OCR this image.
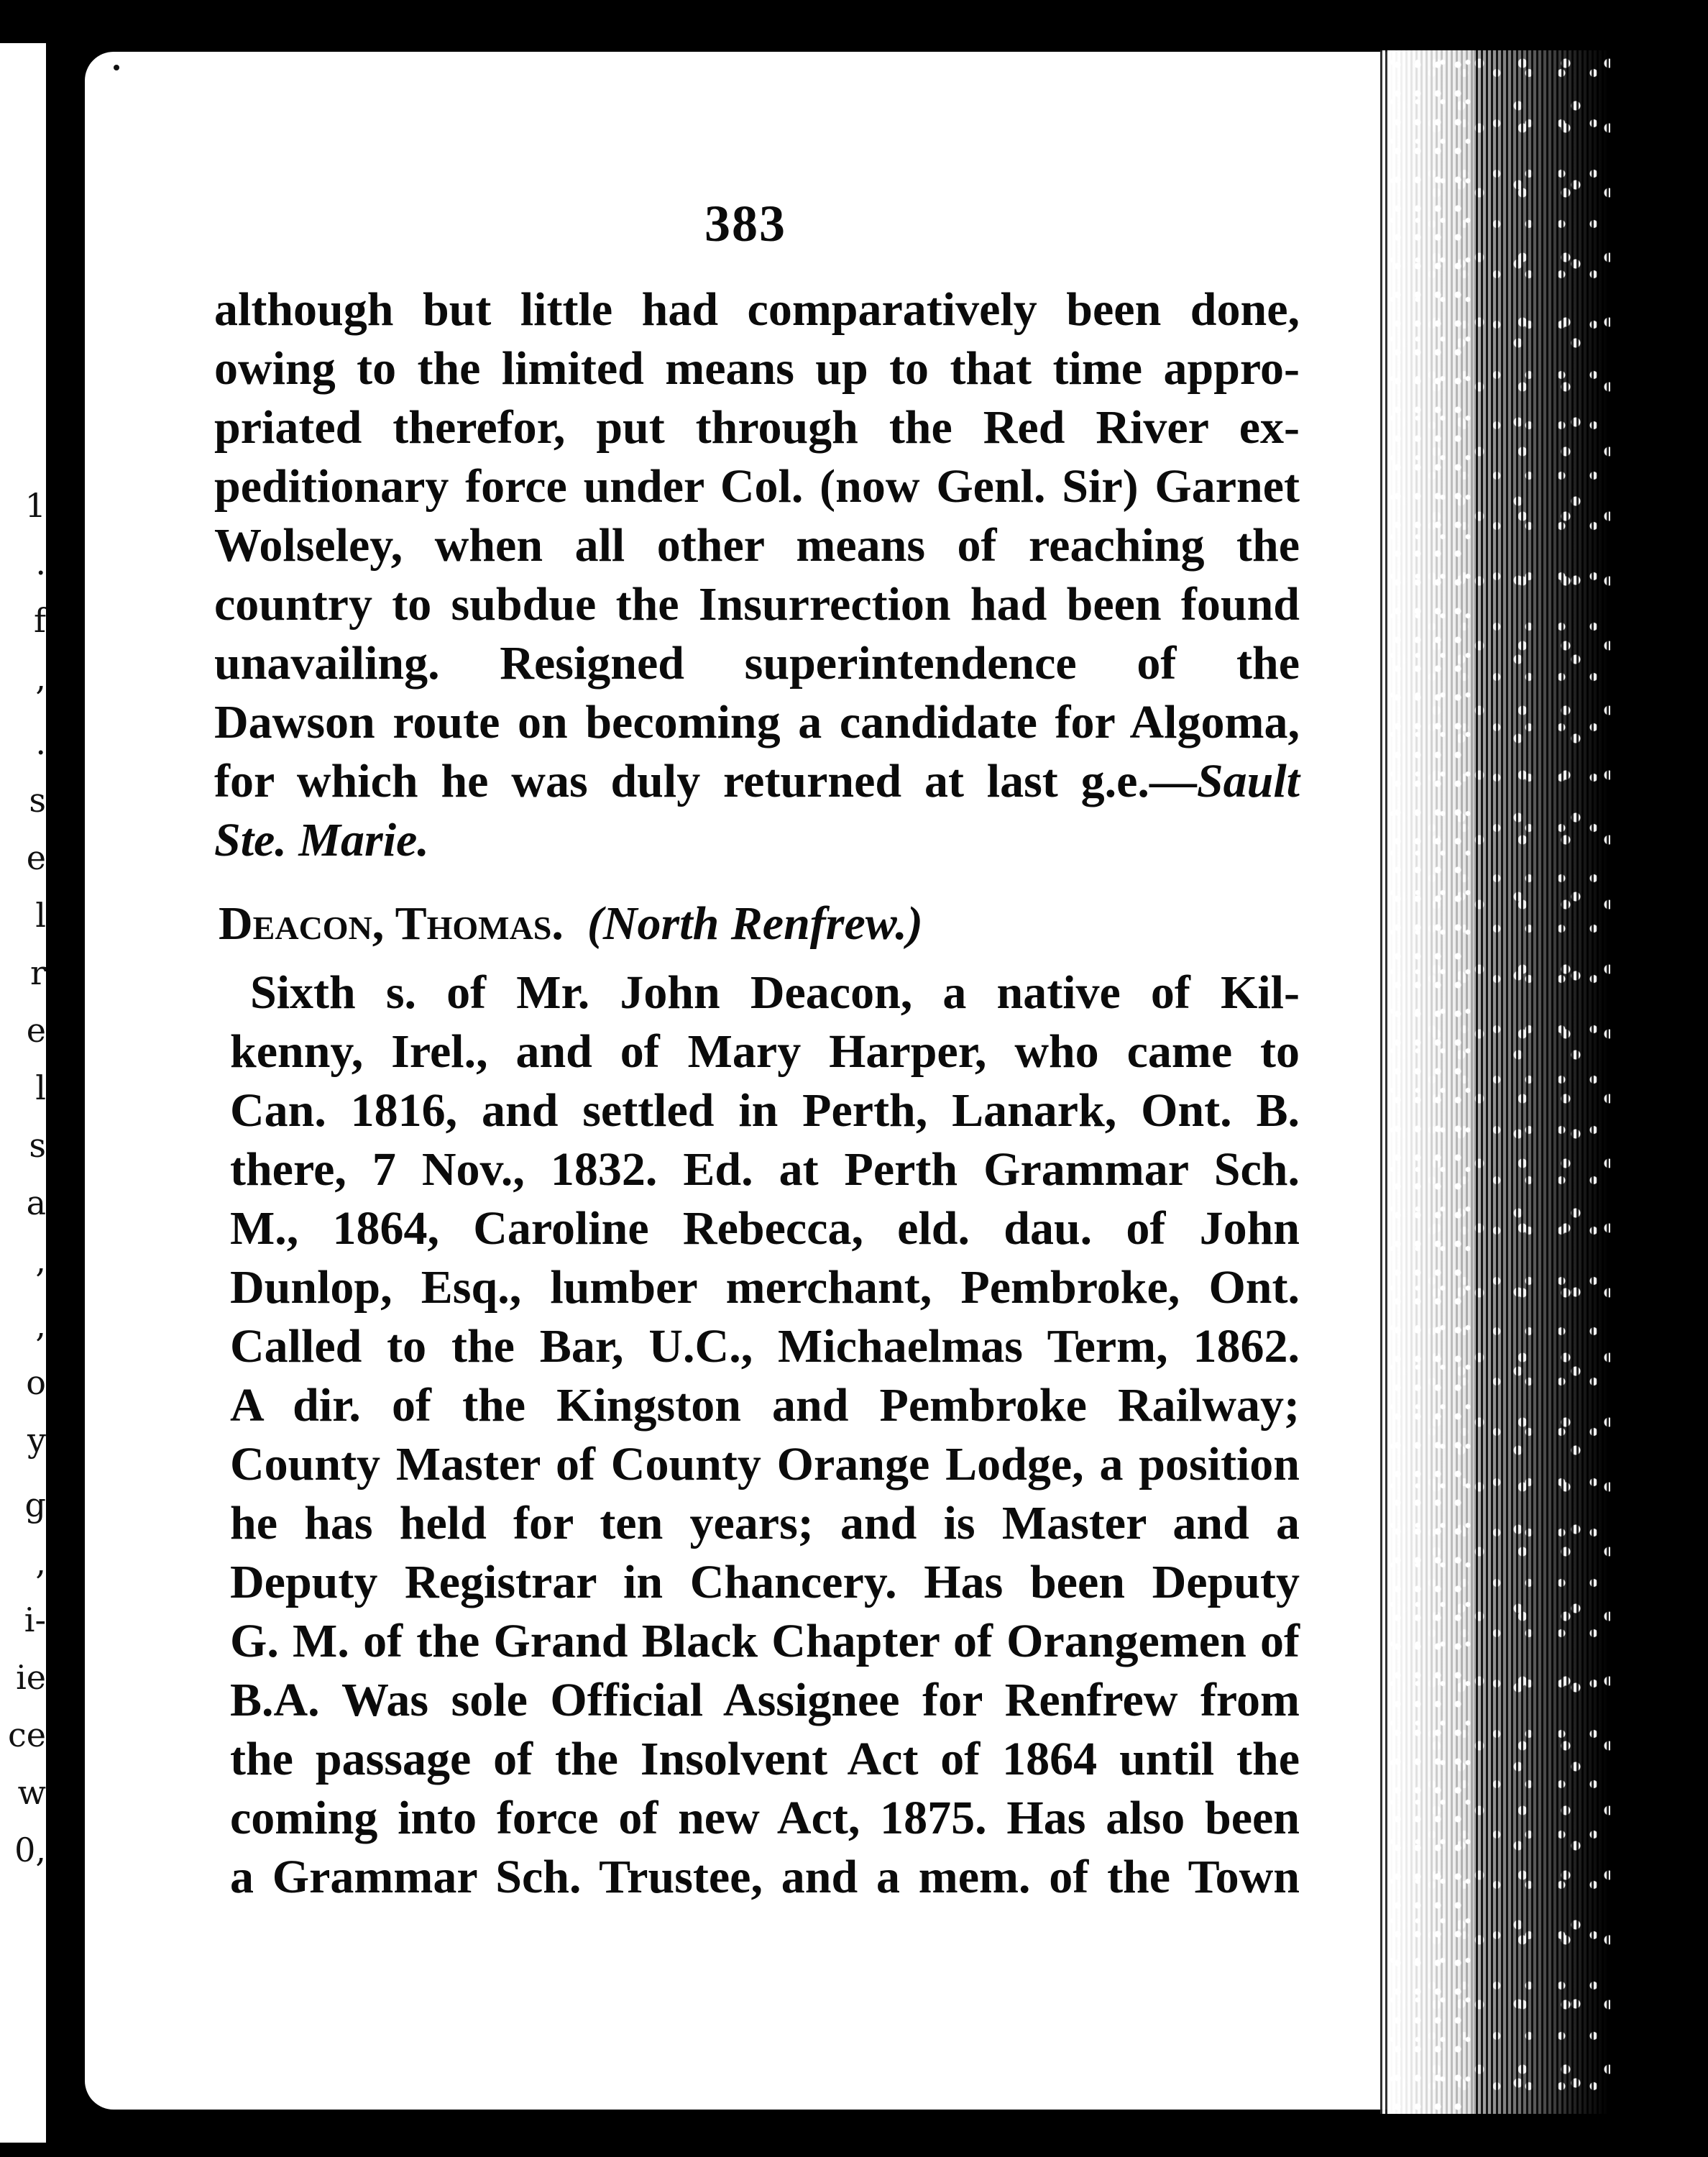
1
.
f
,
.
s
e
l
r
e
l
s
a
,
,
o
y
g
,
i-
ie
ce
w
0,
383
although but little had comparatively been done,
owing to the limited means up to that time appro-
priated therefor, put through the Red River ex-
peditionary force under Col. (now Genl. Sir) Garnet
Wolseley, when all other means of reaching the
country to subdue the Insurrection had been found
unavailing. Resigned superintendence of the
Dawson route on becoming a candidate for Algoma,
for which he was duly returned at last g.e.—Sault
Ste. Marie.
Deacon, Thomas. (North Renfrew.)
Sixth s. of Mr. John Deacon, a native of Kil-
kenny, Irel., and of Mary Harper, who came to
Can. 1816, and settled in Perth, Lanark, Ont. B.
there, 7 Nov., 1832. Ed. at Perth Grammar Sch.
M., 1864, Caroline Rebecca, eld. dau. of John
Dunlop, Esq., lumber merchant, Pembroke, Ont.
Called to the Bar, U.C., Michaelmas Term, 1862.
A dir. of the Kingston and Pembroke Railway;
County Master of County Orange Lodge, a position
he has held for ten years; and is Master and a
Deputy Registrar in Chancery. Has been Deputy
G. M. of the Grand Black Chapter of Orangemen of
B.A. Was sole Official Assignee for Renfrew from
the passage of the Insolvent Act of 1864 until the
coming into force of new Act, 1875. Has also been
a Grammar Sch. Trustee, and a mem. of the Town
